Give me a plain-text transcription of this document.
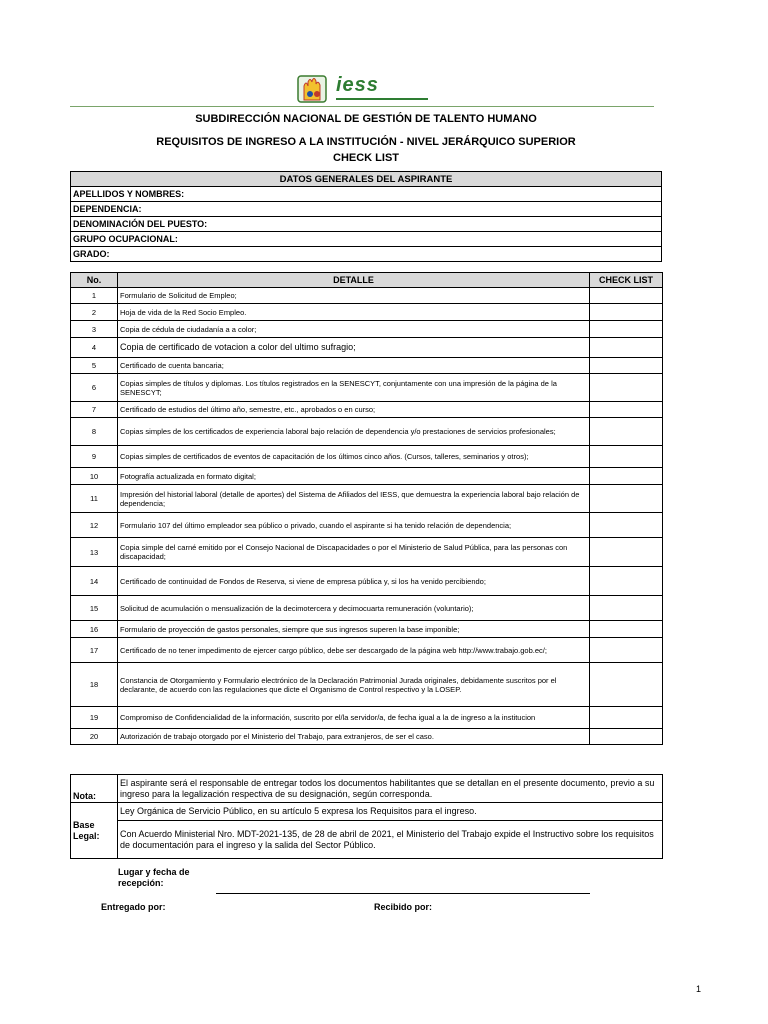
iess
SUBDIRECCIÓN NACIONAL DE GESTIÓN DE TALENTO HUMANO
REQUISITOS DE INGRESO A LA INSTITUCIÓN - NIVEL JERÁRQUICO SUPERIOR
CHECK LIST
DATOS GENERALES DEL ASPIRANTE
APELLIDOS Y NOMBRES:
DEPENDENCIA:
DENOMINACIÓN DEL PUESTO:
GRUPO OCUPACIONAL:
GRADO:
No.	DETALLE	CHECK LIST
1	Formulario de Solicitud de Empleo;	
2	Hoja de vida de la Red Socio Empleo.	
3	Copia de cédula de ciudadanía a a color;	
4	Copia de certificado de votacion a color del ultimo sufragio;	
5	Certificado de cuenta bancaria;	
6	Copias simples de títulos y diplomas. Los títulos registrados en la SENESCYT, conjuntamente con una impresión de la página de la SENESCYT;	
7	Certificado de estudios del último año, semestre, etc., aprobados o en curso;	
8	Copias simples de los certificados de experiencia laboral bajo relación de dependencia y/o prestaciones de servicios profesionales;	
9	Copias simples de certificados de eventos de capacitación de los últimos cinco años. (Cursos, talleres, seminarios y otros);	
10	Fotografía actualizada en formato digital;	
11	Impresión del historial laboral (detalle de aportes) del Sistema de Afiliados del IESS, que demuestra la experiencia laboral bajo relación de dependencia;	
12	Formulario 107 del último empleador sea público o privado, cuando el aspirante si ha tenido relación de dependencia;	
13	Copia simple del carné emitido por el Consejo Nacional de Discapacidades o por el Ministerio de Salud Pública, para las personas con discapacidad;	
14	Certificado de continuidad de Fondos de Reserva, si viene de empresa pública y, si los ha venido percibiendo;	
15	Solicitud de acumulación o mensualización de la decimotercera y decimocuarta remuneración (voluntario);	
16	Formulario de proyección de gastos personales, siempre que sus ingresos superen la base imponible;	
17	Certificado de no tener impedimento de ejercer cargo público, debe ser descargado de la página web http://www.trabajo.gob.ec/;	
18	Constancia de Otorgamiento y Formulario electrónico de la Declaración Patrimonial Jurada originales, debidamente suscritos por el declarante, de acuerdo con las regulaciones que dicte el Organismo de Control respectivo y la LOSEP.	
19	Compromiso de Confidencialidad de la información, suscrito por el/la servidor/a, de fecha igual a la de ingreso a la institucion	
20	Autorización de trabajo otorgado por el Ministerio del Trabajo, para extranjeros, de ser el caso.	
Nota:	El aspirante será el responsable de entregar todos los documentos habilitantes que se detallan en el presente documento, previo a su ingreso para la legalización respectiva de su designación, según corresponda.
Base Legal:	Ley Orgánica de Servicio Público, en su artículo 5 expresa los Requisitos para el ingreso.
	Con Acuerdo Ministerial Nro. MDT-2021-135, de 28 de abril de 2021, el Ministerio del Trabajo expide el Instructivo sobre los requisitos de documentación para el ingreso y la salida del Sector Público.
Lugar y fecha de recepción:
Entregado por:	Recibido por:
1
